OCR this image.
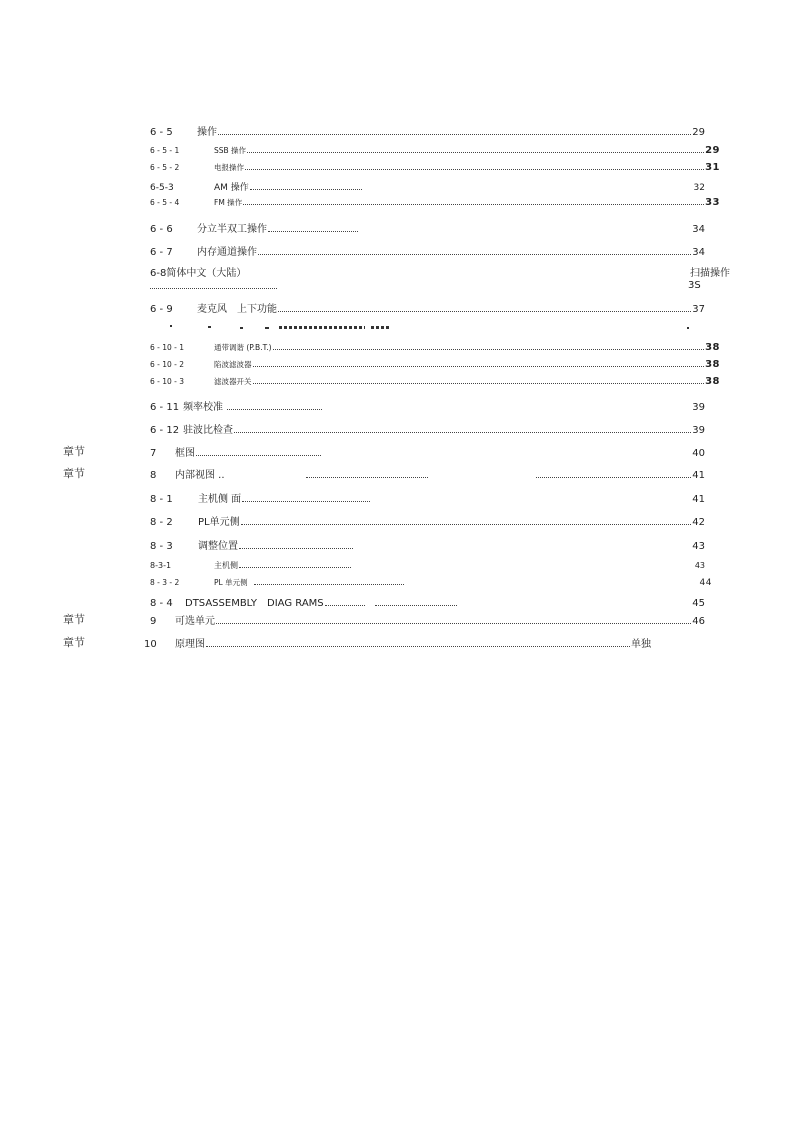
6 - 5	操作	29
6 - 5 - 1	SSB 操作	29
6 - 5 - 2	电报操作	31
6-5-3	AM 操作	32
6 - 5 - 4	FM 操作	33
6 - 6	分立半双工操作	34
6 - 7	内存通道操作	34
6-8 简体中文（大陆）	扫描操作
3S
6 - 9	麦克风　上下功能	37
6 - 10 - 1	通带调谐 (P.B.T.)	38
6 - 10 - 2	陷波滤波器	38
6 - 10 - 3	滤波器开关	38
6 - 11 频率校准	39
6 - 12 驻波比检查	39
章节	7	框图	40
章节	8	内部视图 ..	41
8 - 1	主机侧 面	41
8 - 2	PL单元侧	42
8 - 3	调整位置	43
8-3-1	主机侧	43
8 - 3 - 2	PL 单元侧	44
8 - 4	DTSASSEMBLY　DIAG RAMS	45
章节	9	可选单元	46
章节	10	原理图	单独
